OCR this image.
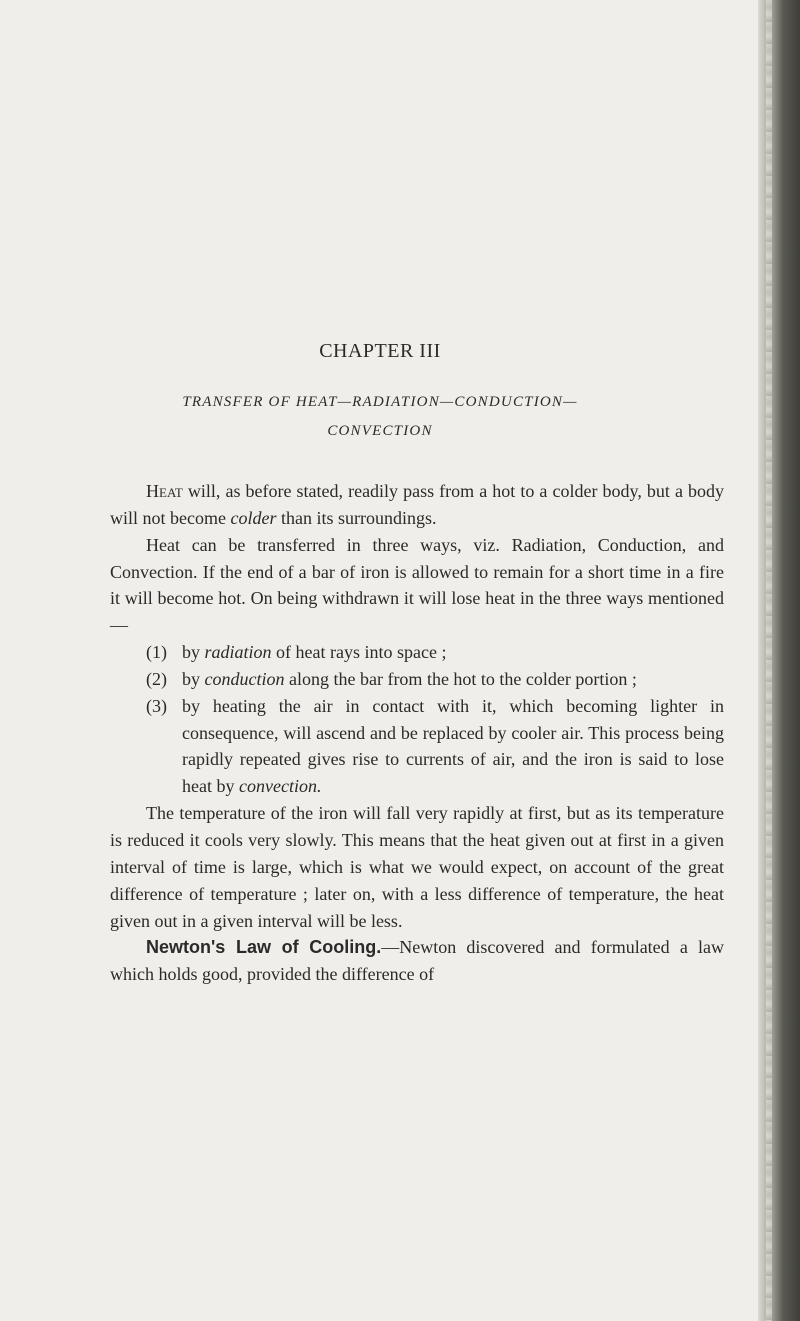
CHAPTER III
TRANSFER OF HEAT—RADIATION—CONDUCTION—
CONVECTION

Heat will, as before stated, readily pass from a hot to a colder body, but a body will not become colder than its surroundings.

Heat can be transferred in three ways, viz. Radiation, Conduction, and Convection. If the end of a bar of iron is allowed to remain for a short time in a fire it will become hot. On being withdrawn it will lose heat in the three ways mentioned—

(1) by radiation of heat rays into space ;
(2) by conduction along the bar from the hot to the colder portion ;
(3) by heating the air in contact with it, which becoming lighter in consequence, will ascend and be replaced by cooler air. This process being rapidly repeated gives rise to currents of air, and the iron is said to lose heat by convection.

The temperature of the iron will fall very rapidly at first, but as its temperature is reduced it cools very slowly. This means that the heat given out at first in a given interval of time is large, which is what we would expect, on account of the great difference of temperature ; later on, with a less difference of temperature, the heat given out in a given interval will be less.

Newton's Law of Cooling.—Newton discovered and formulated a law which holds good, provided the difference of
